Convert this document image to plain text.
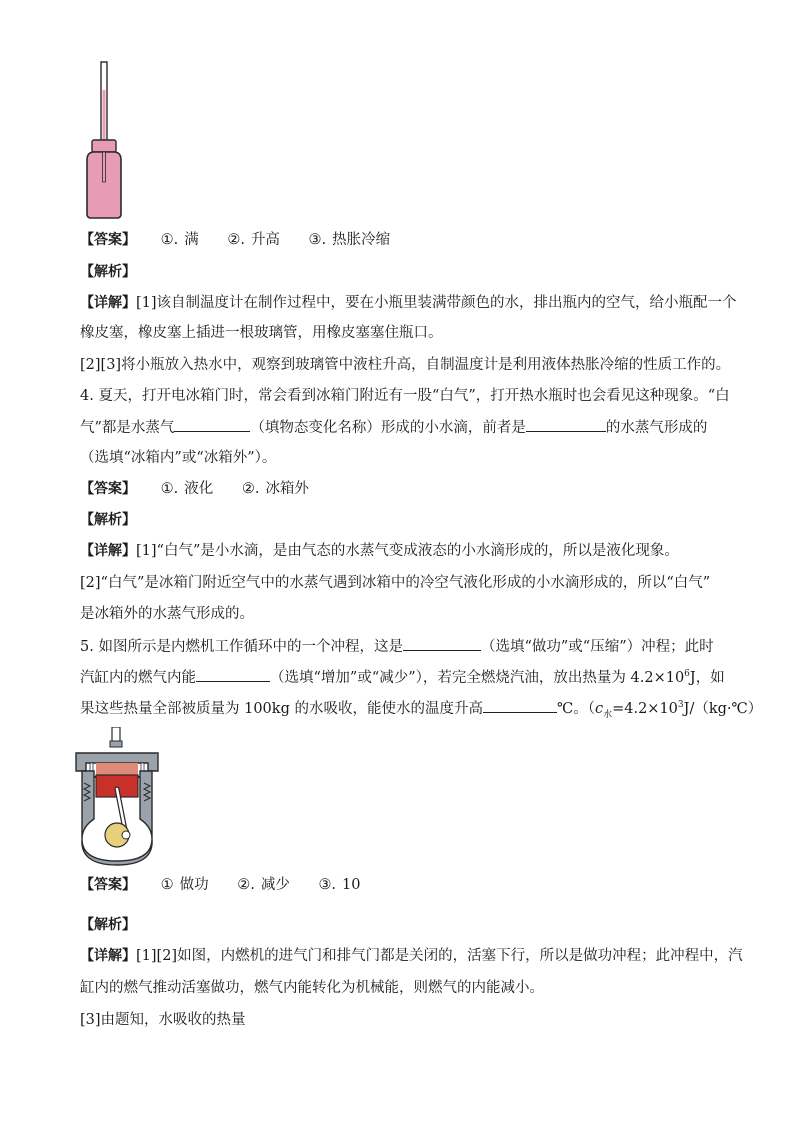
【答案】 ①. 满 ②. 升高 ③. 热胀冷缩
【解析】
【详解】[1]该自制温度计在制作过程中，要在小瓶里装满带颜色的水，排出瓶内的空气，给小瓶配一个
橡皮塞，橡皮塞上插进一根玻璃管，用橡皮塞塞住瓶口。
[2][3]将小瓶放入热水中，观察到玻璃管中液柱升高，自制温度计是利用液体热胀冷缩的性质工作的。
4. 夏天，打开电冰箱门时，常会看到冰箱门附近有一股“白气”，打开热水瓶时也会看见这种现象。“白
气”都是水蒸气	（填物态变化名称）形成的小水滴，前者是	的水蒸气形成的
（选填“冰箱内”或“冰箱外”）。
【答案】 ①. 液化 ②. 冰箱外
【解析】
【详解】[1]“白气”是小水滴，是由气态的水蒸气变成液态的小水滴形成的，所以是液化现象。
[2]“白气”是冰箱门附近空气中的水蒸气遇到冰箱中的冷空气液化形成的小水滴形成的，所以“白气”
是冰箱外的水蒸气形成的。
5. 如图所示是内燃机工作循环中的一个冲程，这是	（选填“做功”或“压缩”）冲程；此时
汽缸内的燃气内能	（选填“增加”或“减少”），若完全燃烧汽油，放出热量为 $4.2\times 10^6J$，如
果这些热量全部被质量为 100kg 的水吸收，能使水的温度升高	℃。（$c_水=4.2\times 10^3J/(kg\cdot℃)$
【答案】 ① 做功 ②. 减少 ③. 10
【解析】
【详解】[1][2]如图，内燃机的进气门和排气门都是关闭的，活塞下行，所以是做功冲程；此冲程中，汽
缸内的燃气推动活塞做功，燃气内能转化为机械能，则燃气的内能减小。
[3]由题知，水吸收的热量
